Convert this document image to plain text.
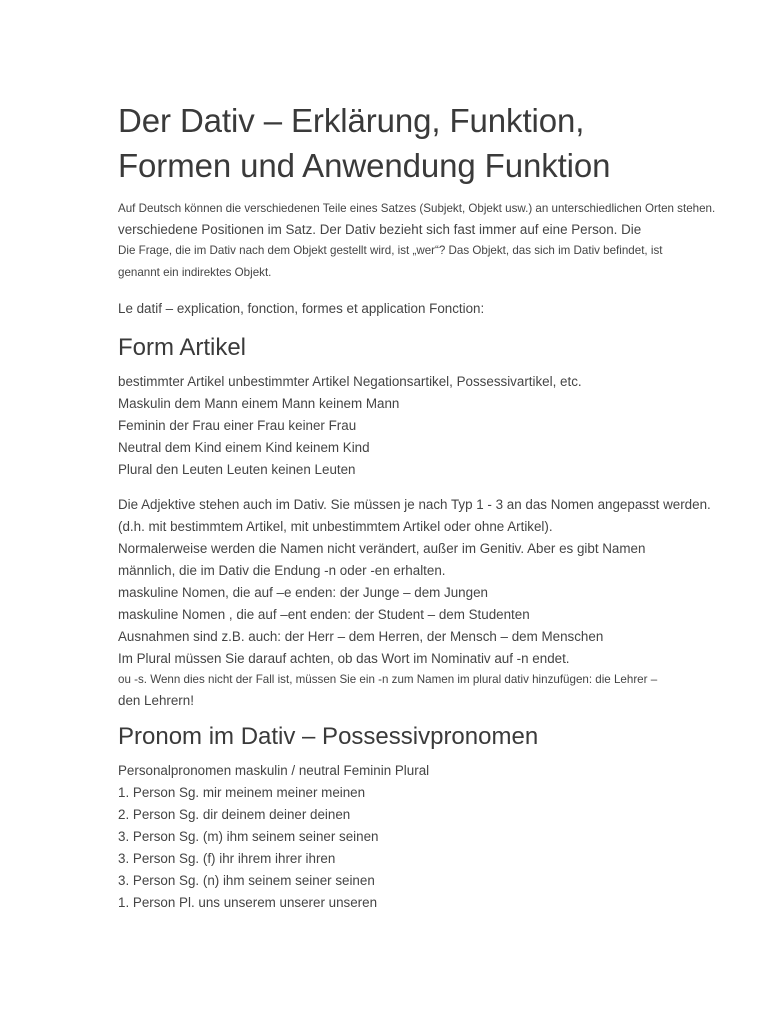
Der Dativ – Erklärung, Funktion,
Formen und Anwendung Funktion

Auf Deutsch können die verschiedenen Teile eines Satzes (Subjekt, Objekt usw.) an unterschiedlichen Orten stehen.

verschiedene Positionen im Satz. Der Dativ bezieht sich fast immer auf eine Person. Die

Die Frage, die im Dativ nach dem Objekt gestellt wird, ist „wer“? Das Objekt, das sich im Dativ befindet, ist

genannt ein indirektes Objekt.

Le datif – explication, fonction, formes et application Fonction:

Form Artikel

bestimmter Artikel unbestimmter Artikel Negationsartikel, Possessivartikel, etc.

Maskulin dem Mann einem Mann keinem Mann

Feminin der Frau einer Frau keiner Frau

Neutral dem Kind einem Kind keinem Kind

Plural den Leuten Leuten keinen Leuten

Die Adjektive stehen auch im Dativ. Sie müssen je nach Typ 1 - 3 an das Nomen angepasst werden.

(d.h. mit bestimmtem Artikel, mit unbestimmtem Artikel oder ohne Artikel).

Normalerweise werden die Namen nicht verändert, außer im Genitiv. Aber es gibt Namen

männlich, die im Dativ die Endung -n oder -en erhalten.

maskuline Nomen, die auf –e enden: der Junge – dem Jungen

maskuline Nomen , die auf –ent enden: der Student – dem Studenten

Ausnahmen sind z.B. auch: der Herr – dem Herren, der Mensch – dem Menschen

Im Plural müssen Sie darauf achten, ob das Wort im Nominativ auf -n endet.

ou -s. Wenn dies nicht der Fall ist, müssen Sie ein -n zum Namen im plural dativ hinzufügen: die Lehrer –

den Lehrern!

Pronom im Dativ – Possessivpronomen

Personalpronomen maskulin / neutral Feminin Plural

1. Person Sg. mir meinem meiner meinen

2. Person Sg. dir deinem deiner deinen

3. Person Sg. (m) ihm seinem seiner seinen

3. Person Sg. (f) ihr ihrem ihrer ihren

3. Person Sg. (n) ihm seinem seiner seinen

1. Person Pl. uns unserem unserer unseren
